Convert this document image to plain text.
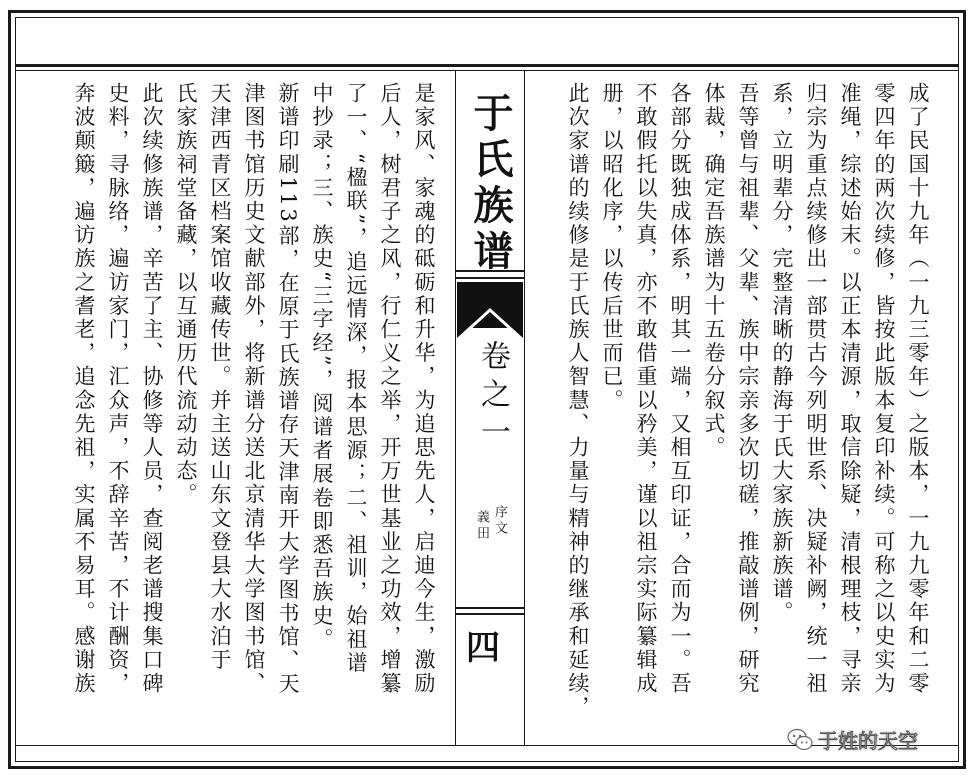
成了民国十九年（一九三零年）之版本，一九九零年和二零
零四年的两次续修，皆按此版本复印补续。可称之以史实为
准绳，综述始末。以正本清源，取信除疑，清根理枝，寻亲
归宗为重点续修出一部贯古今列明世系、决疑补阙，统一祖
系，立明辈分，完整清晰的静海于氏大家族新族谱。
吾等曾与祖辈、父辈、族中宗亲多次切磋，推敲谱例，研究
体裁，确定吾族谱为十五卷分叙式。
各部分既独成体系，明其一端，又相互印证，合而为一。吾
不敢假托以失真，亦不敢借重以矜美，谨以祖宗实际纂辑成
册，以昭化序，以传后世而已。
此次家谱的续修是于氏族人智慧、力量与精神的继承和延续，
于氏族谱
卷之一
序文
義田
四
是家风、家魂的砥砺和升华，为追思先人，启迪今生，激励
后人，树君子之风，行仁义之举，开万世基业之功效，增纂
了一、“楹联”，追远情深，报本思源；二、祖训，始祖谱
中抄录；三、族史“三字经”，阅谱者展卷即悉吾族史。
新谱印刷113部，在原于氏族谱存天津南开大学图书馆、天
津图书馆历史文献部外，将新谱分送北京清华大学图书馆、
天津西青区档案馆收藏传世。并主送山东文登县大水泊于
氏家族祠堂备藏，以互通历代流动动态。
此次续修族谱，辛苦了主、协修等人员，查阅老谱搜集口碑
史料，寻脉络，遍访家门，汇众声，不辞辛苦，不计酬资，
奔波颠簸，遍访族之耆老，追念先祖，实属不易耳。感谢族
于姓的天空
